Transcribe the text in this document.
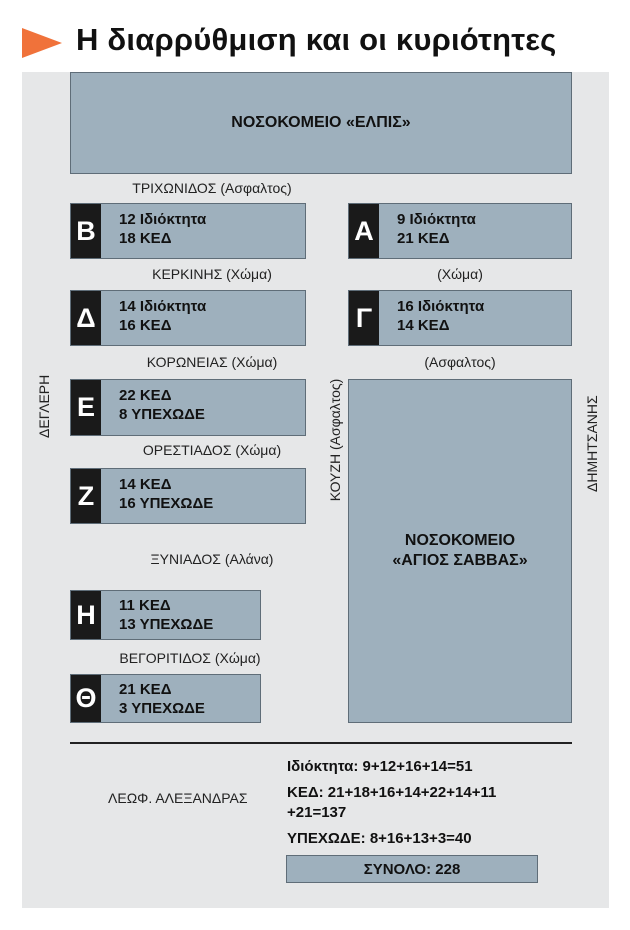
Η διαρρύθμιση και οι κυριότητες
ΝΟΣΟΚΟΜΕΙΟ «ΕΛΠΙΣ»
ΤΡΙΧΩΝΙΔΟΣ (Ασφαλτος)
ΚΕΡΚΙΝΗΣ (Χώμα)	(Χώμα)
ΚΟΡΩΝΕΙΑΣ (Χώμα)	(Ασφαλτος)
ΟΡΕΣΤΙΑΔΟΣ (Χώμα)
ΞΥΝΙΑΔΟΣ (Αλάνα)
ΒΕΓΟΡΙΤΙΔΟΣ (Χώμα)
ΔΕΓΛΕΡΗ	ΚΟΥΖΗ (Ασφαλτος)	ΔΗΜΗΤΣΑΝΗΣ
Β	12 Ιδιόκτητα
18 ΚΕΔ	Α	9 Ιδιόκτητα
21 ΚΕΔ
Δ	14 Ιδιόκτητα
16 ΚΕΔ	Γ	16 Ιδιόκτητα
14 ΚΕΔ
Ε	22 ΚΕΔ
8 ΥΠΕΧΩΔΕ
Ζ	14 ΚΕΔ
16 ΥΠΕΧΩΔΕ
ΝΟΣΟΚΟΜΕΙΟ
«ΑΓΙΟΣ ΣΑΒΒΑΣ»
Η	11 ΚΕΔ
13 ΥΠΕΧΩΔΕ
Θ	21 ΚΕΔ
3 ΥΠΕΧΩΔΕ
ΛΕΩΦ. ΑΛΕΞΑΝΔΡΑΣ
Ιδιόκτητα: 9+12+16+14=51
ΚΕΔ: 21+18+16+14+22+14+11
+21=137
ΥΠΕΧΩΔΕ: 8+16+13+3=40
ΣΥΝΟΛΟ: 228
